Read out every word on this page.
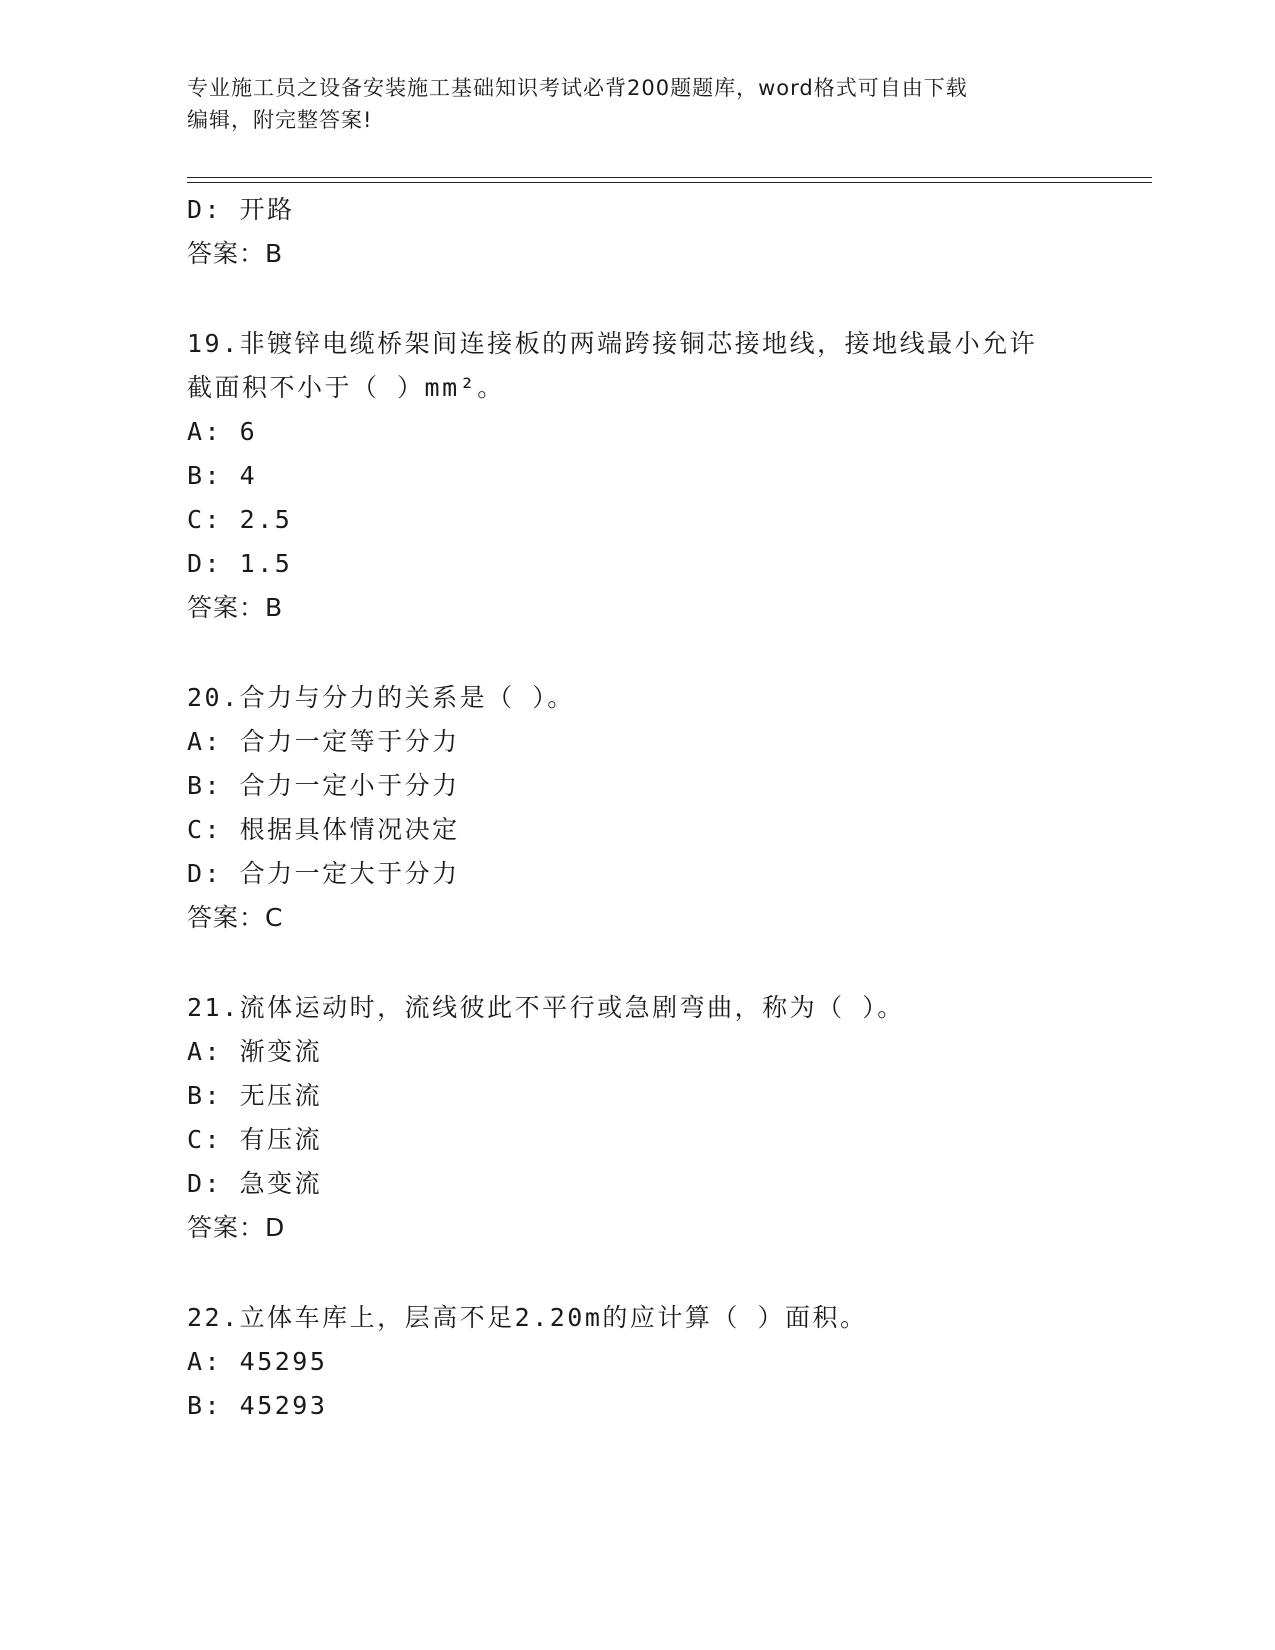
专业施工员之设备安装施工基础知识考试必背200题题库，word格式可自由下载
编辑，附完整答案!
D: 开路
答案：B
19.非镀锌电缆桥架间连接板的两端跨接铜芯接地线，接地线最小允许
截面积不小于（ ）mm²。
A: 6
B: 4
C: 2.5
D: 1.5
答案：B
20.合力与分力的关系是（ ）。
A: 合力一定等于分力
B: 合力一定小于分力
C: 根据具体情况决定
D: 合力一定大于分力
答案：C
21.流体运动时，流线彼此不平行或急剧弯曲，称为（ ）。
A: 渐变流
B: 无压流
C: 有压流
D: 急变流
答案：D
22.立体车库上，层高不足2.20m的应计算（ ）面积。
A: 45295
B: 45293
